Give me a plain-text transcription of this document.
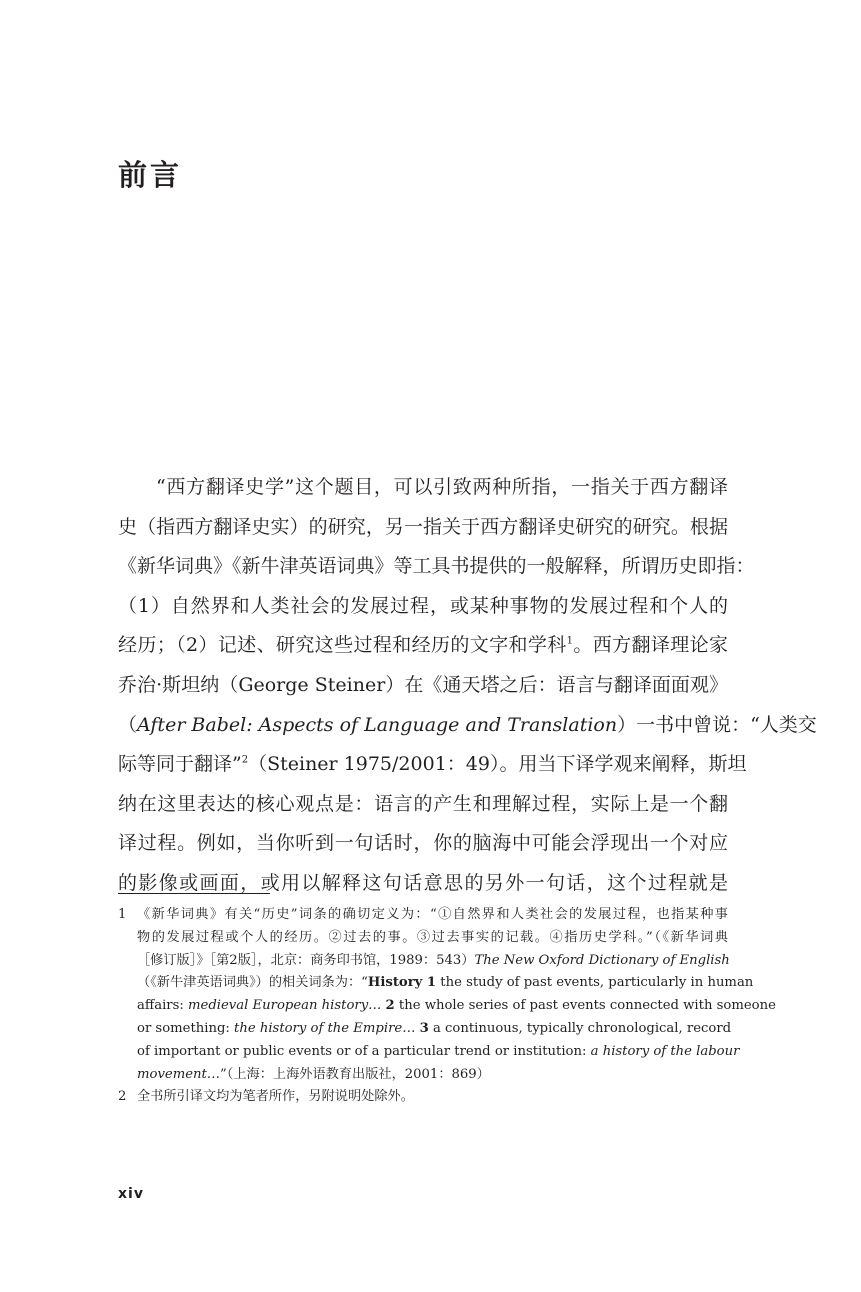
前言
“西方翻译史学”这个题目，可以引致两种所指，一指关于西方翻译
史（指西方翻译史实）的研究，另一指关于西方翻译史研究的研究。根据
《新华词典》《新牛津英语词典》等工具书提供的一般解释，所谓历史即指：
（1）自然界和人类社会的发展过程，或某种事物的发展过程和个人的
经历；（2）记述、研究这些过程和经历的文字和学科$^1$。西方翻译理论家
乔治·斯坦纳（George Steiner）在《通天塔之后：语言与翻译面面观》
（After Babel: Aspects of Language and Translation）一书中曾说：“人类交
际等同于翻译”$^2$（Steiner 1975/2001：49）。用当下译学观来阐释，斯坦
纳在这里表达的核心观点是：语言的产生和理解过程，实际上是一个翻
译过程。例如，当你听到一句话时，你的脑海中可能会浮现出一个对应
的影像或画面，或用以解释这句话意思的另外一句话，这个过程就是
1 《新华词典》有关“历史”词条的确切定义为：“①自然界和人类社会的发展过程，也指某种事
物的发展过程或个人的经历。②过去的事。③过去事实的记载。④指历史学科。”（《新华词典
［修订版］》［第2版］，北京：商务印书馆，1989：543）The New Oxford Dictionary of English
（《新牛津英语词典》）的相关词条为：“History 1 the study of past events, particularly in human
affairs: medieval European history… 2 the whole series of past events connected with someone
or something: the history of the Empire… 3 a continuous, typically chronological, record
of important or public events or of a particular trend or institution: a history of the labour
movement…”（上海：上海外语教育出版社，2001：869）
2 全书所引译文均为笔者所作，另附说明处除外。
xiv
